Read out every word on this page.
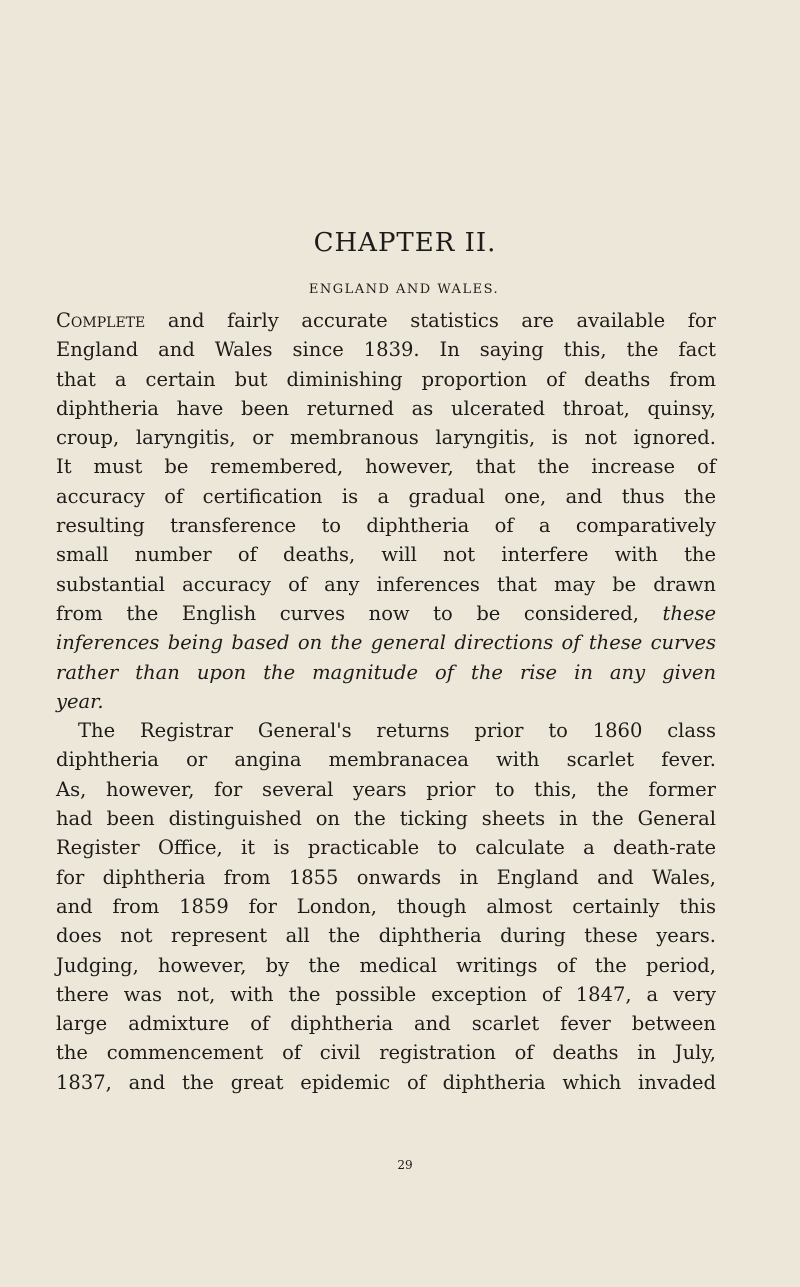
CHAPTER II.
ENGLAND AND WALES.
Complete and fairly accurate statistics are available for
England and Wales since 1839. In saying this, the fact
that a certain but diminishing proportion of deaths from
diphtheria have been returned as ulcerated throat, quinsy,
croup, laryngitis, or membranous laryngitis, is not ignored.
It must be remembered, however, that the increase of
accuracy of certification is a gradual one, and thus the
resulting transference to diphtheria of a comparatively
small number of deaths, will not interfere with the
substantial accuracy of any inferences that may be drawn
from the English curves now to be considered, these
inferences being based on the general directions of these curves
rather than upon the magnitude of the rise in any given
year.
The Registrar General's returns prior to 1860 class
diphtheria or angina membranacea with scarlet fever.
As, however, for several years prior to this, the former
had been distinguished on the ticking sheets in the General
Register Office, it is practicable to calculate a death-rate
for diphtheria from 1855 onwards in England and Wales,
and from 1859 for London, though almost certainly this
does not represent all the diphtheria during these years.
Judging, however, by the medical writings of the period,
there was not, with the possible exception of 1847, a very
large admixture of diphtheria and scarlet fever between
the commencement of civil registration of deaths in July,
1837, and the great epidemic of diphtheria which invaded
29
